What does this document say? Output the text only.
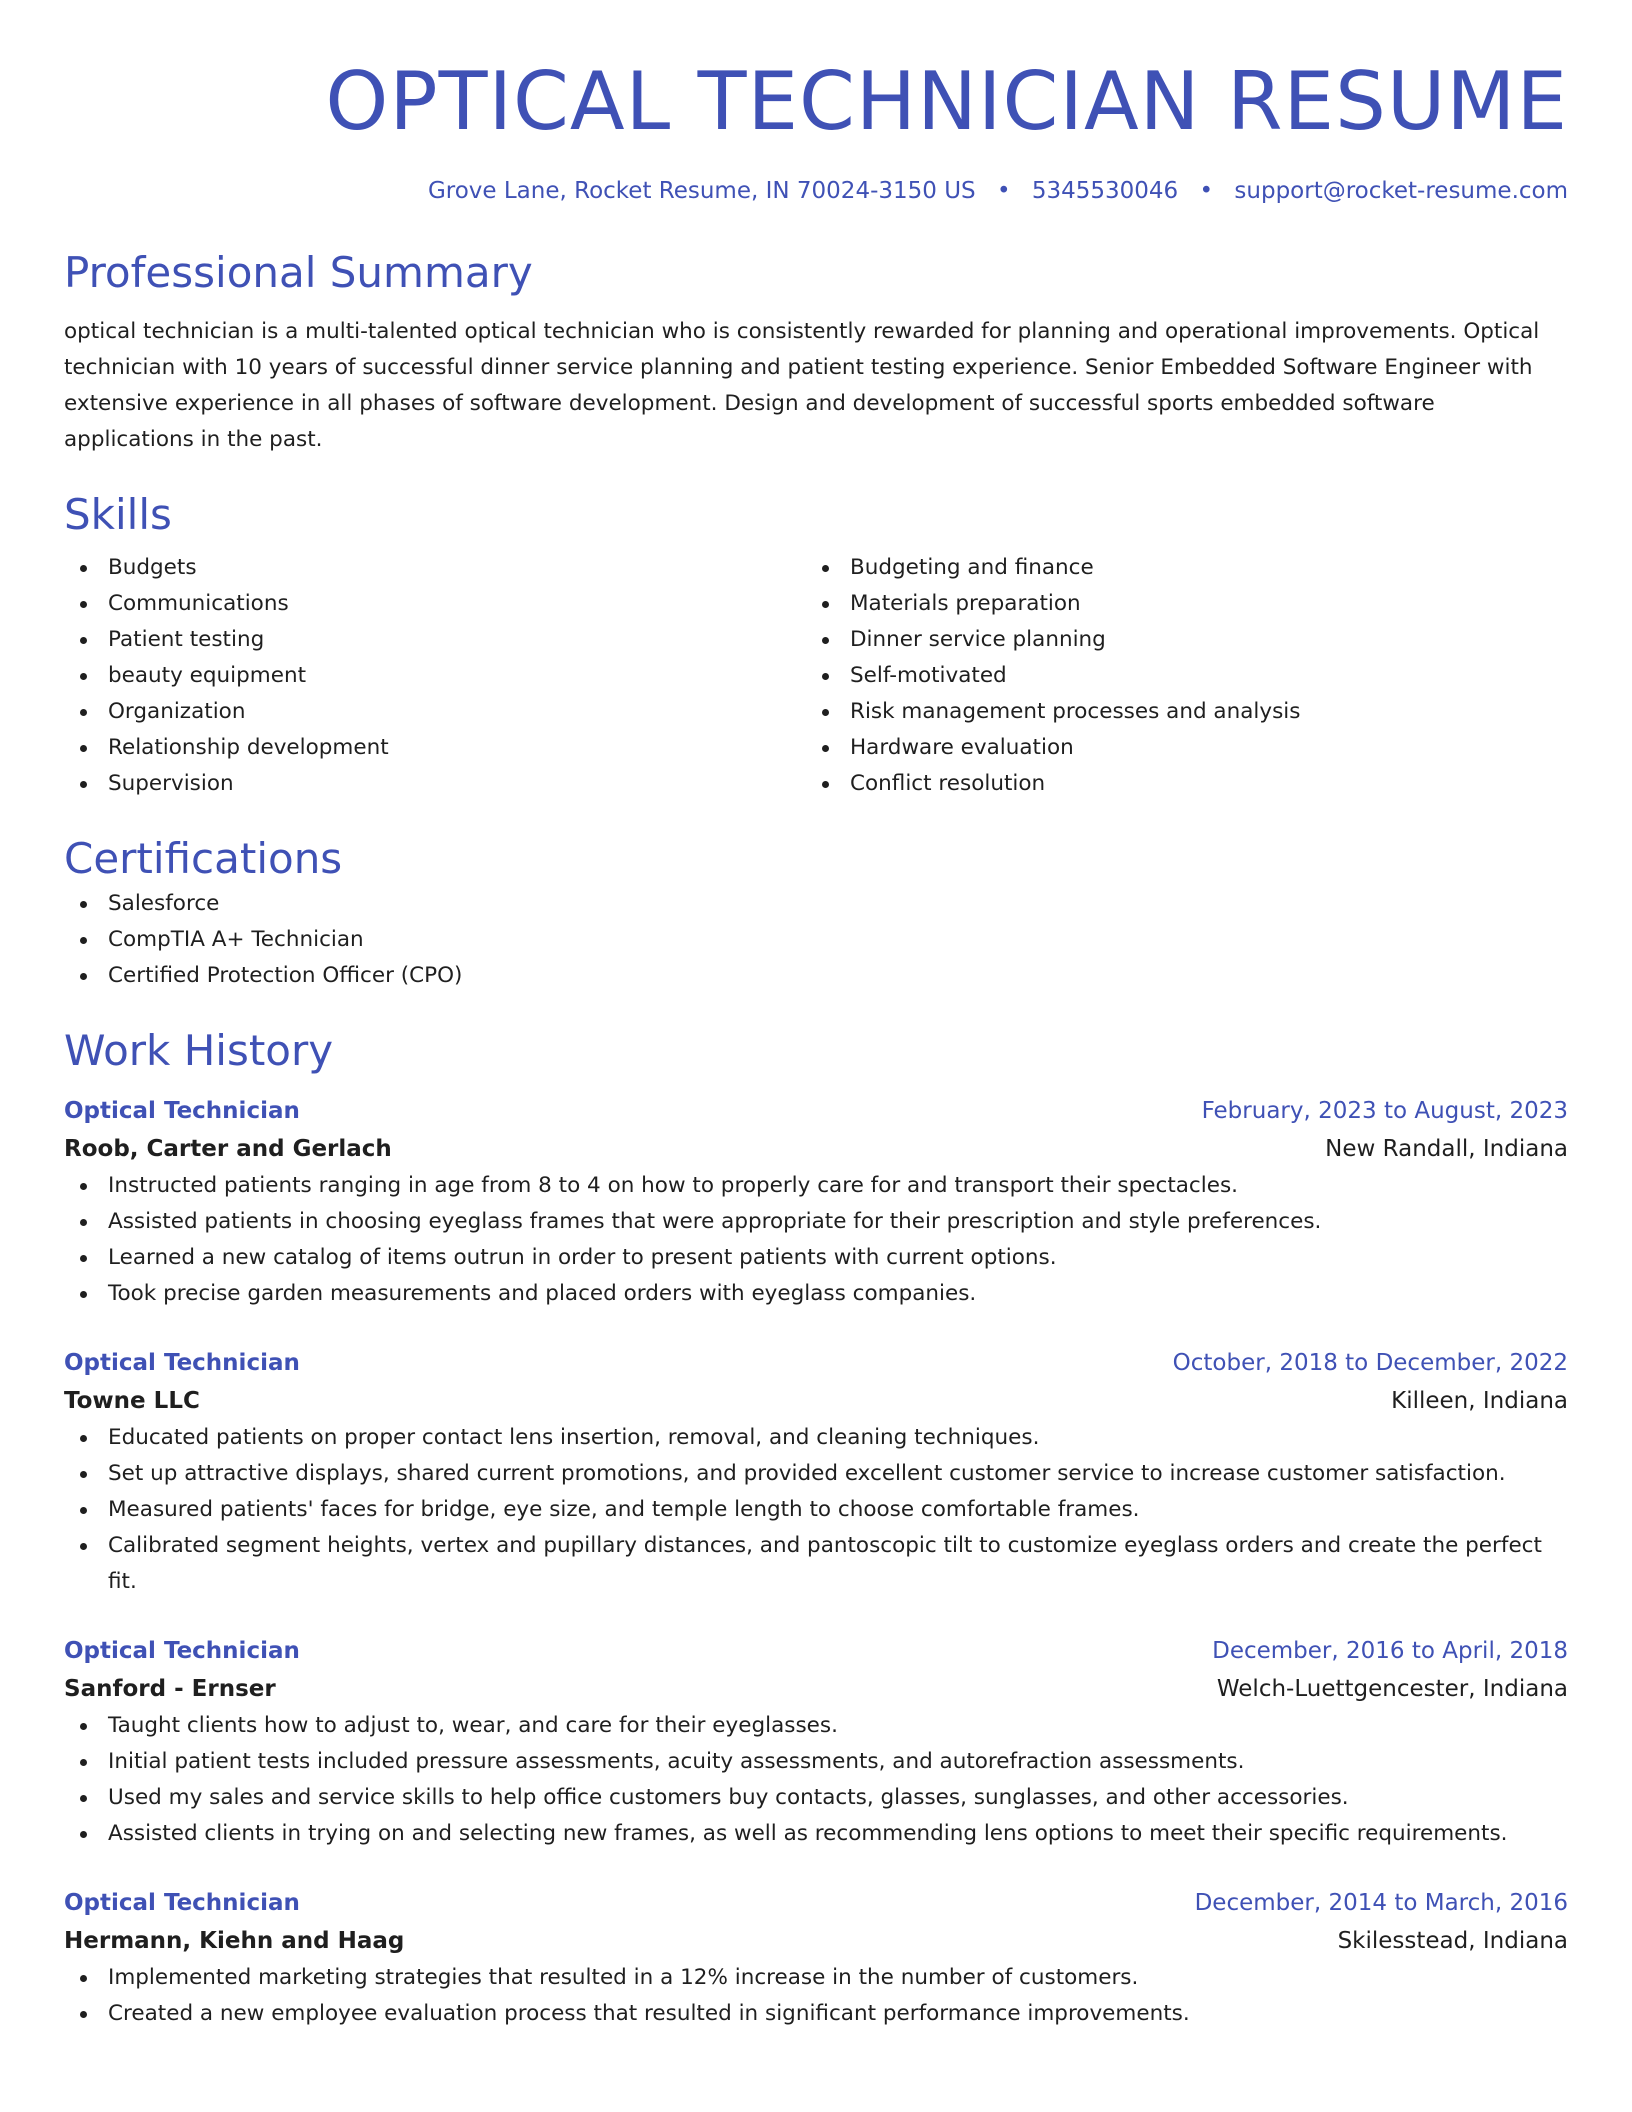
OPTICAL TECHNICIAN RESUME
Grove Lane, Rocket Resume, IN 70024-3150 US • 5345530046 • support@rocket-resume.com
Professional Summary

optical technician is a multi-talented optical technician who is consistently rewarded for planning and operational improvements. Optical technician with 10 years of successful dinner service planning and patient testing experience. Senior Embedded Software Engineer with extensive experience in all phases of software development. Design and development of successful sports embedded software applications in the past.

Skills
Budgets
Communications
Patient testing
beauty equipment
Organization
Relationship development
Supervision
Budgeting and finance
Materials preparation
Dinner service planning
Self-motivated
Risk management processes and analysis
Hardware evaluation
Conflict resolution
Certifications
Salesforce
CompTIA A+ Technician
Certified Protection Officer (CPO)
Work History
Optical Technician	February, 2023 to August, 2023
Roob, Carter and Gerlach	New Randall, Indiana
Instructed patients ranging in age from 8 to 4 on how to properly care for and transport their spectacles.
Assisted patients in choosing eyeglass frames that were appropriate for their prescription and style preferences.
Learned a new catalog of items outrun in order to present patients with current options.
Took precise garden measurements and placed orders with eyeglass companies.
Optical Technician	October, 2018 to December, 2022
Towne LLC	Killeen, Indiana
Educated patients on proper contact lens insertion, removal, and cleaning techniques.
Set up attractive displays, shared current promotions, and provided excellent customer service to increase customer satisfaction.
Measured patients' faces for bridge, eye size, and temple length to choose comfortable frames.
Calibrated segment heights, vertex and pupillary distances, and pantoscopic tilt to customize eyeglass orders and create the perfect fit.
Optical Technician	December, 2016 to April, 2018
Sanford - Ernser	Welch-Luettgencester, Indiana
Taught clients how to adjust to, wear, and care for their eyeglasses.
Initial patient tests included pressure assessments, acuity assessments, and autorefraction assessments.
Used my sales and service skills to help office customers buy contacts, glasses, sunglasses, and other accessories.
Assisted clients in trying on and selecting new frames, as well as recommending lens options to meet their specific requirements.
Optical Technician	December, 2014 to March, 2016
Hermann, Kiehn and Haag	Skilesstead, Indiana
Implemented marketing strategies that resulted in a 12% increase in the number of customers.
Created a new employee evaluation process that resulted in significant performance improvements.
